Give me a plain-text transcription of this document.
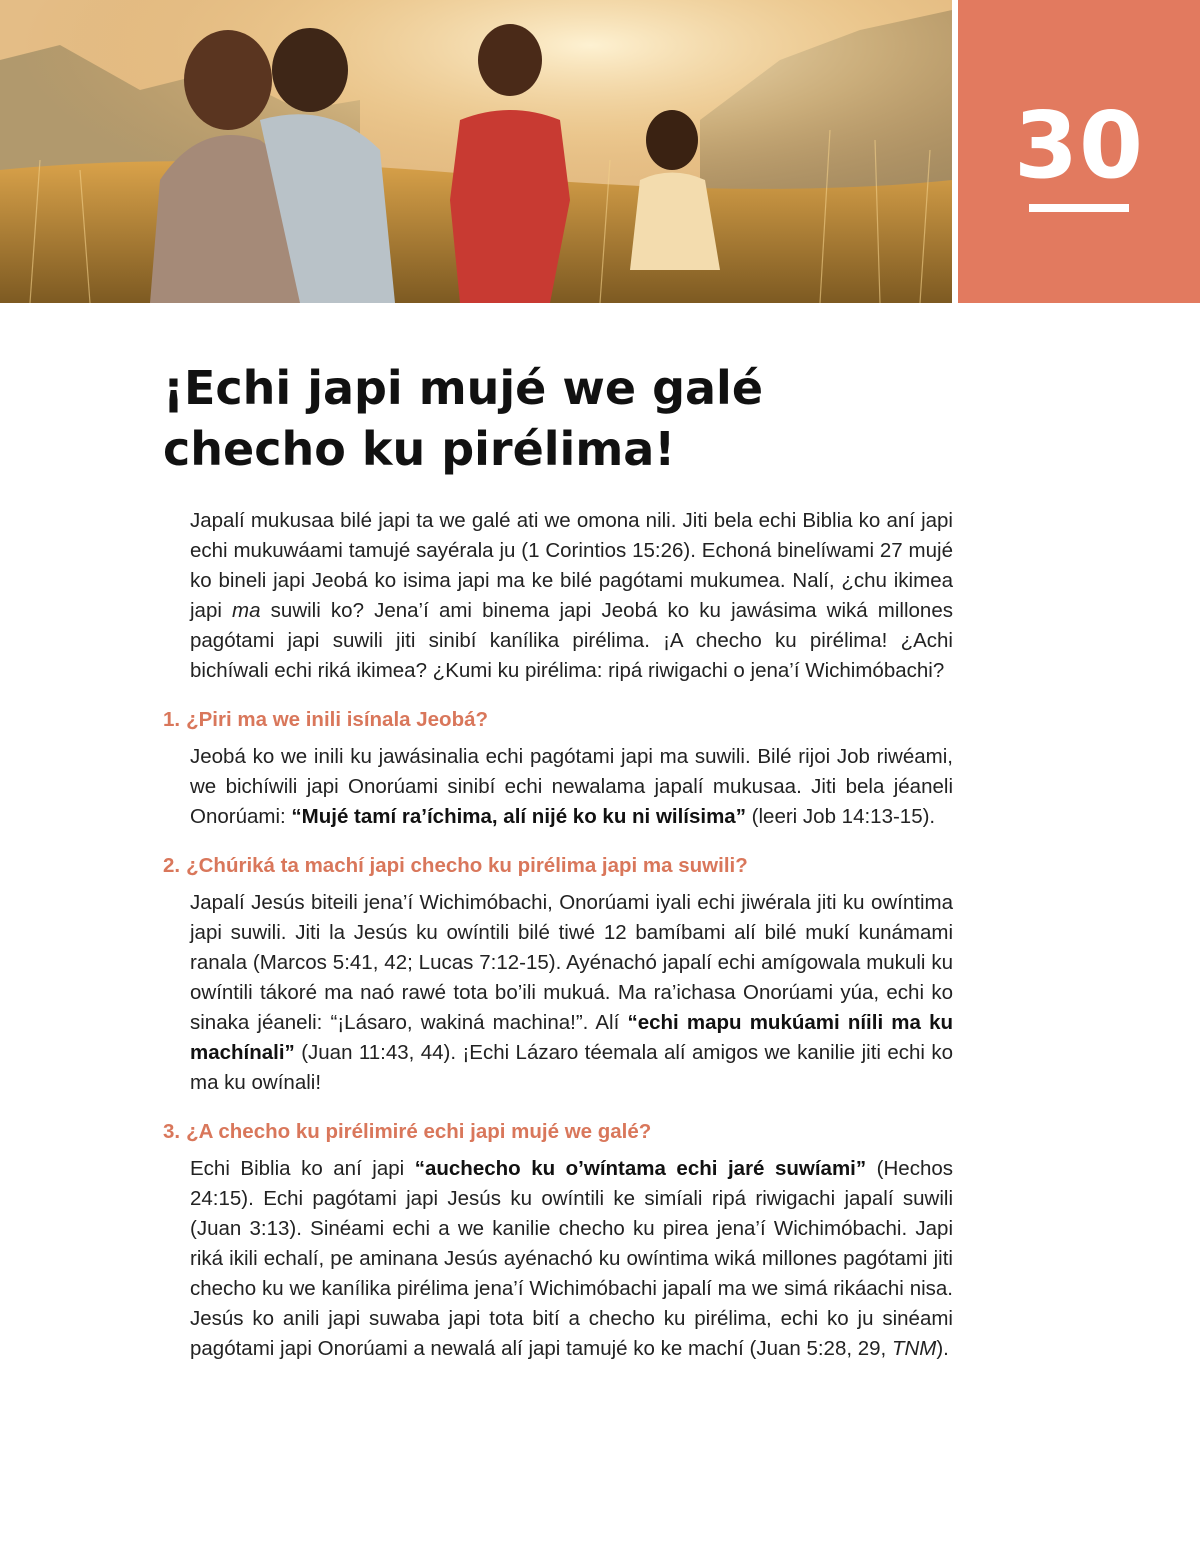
30
¡Echi japi mujé we galé checho ku pirélima!

Japalí mukusaa bilé japi ta we galé ati we omona nili. Jiti bela echi Biblia ko aní japi echi mukuwáami tamujé sayérala ju (1 Corintios 15:26). Echoná binelíwami 27 mujé ko bineli japi Jeobá ko isima japi ma ke bilé pagótami mukumea. Nalí, ¿chu ikimea japi ma suwili ko? Jena’í ami binema japi Jeobá ko ku jawásima wiká millones pagótami japi suwili jiti sinibí kanílika pirélima. ¡A checho ku pirélima! ¿Achi bichíwali echi riká ikimea? ¿Kumi ku pirélima: ripá riwigachi o jena’í Wichimóbachi?

1. ¿Piri ma we inili isínala Jeobá?

Jeobá ko we inili ku jawásinalia echi pagótami japi ma suwili. Bilé rijoi Job riwéami, we bichíwili japi Onorúami sinibí echi newalama japalí mukusaa. Jiti bela jéaneli Onorúami: “Mujé tamí ra’íchima, alí nijé ko ku ni wilísima” (leeri Job 14:13-15).

2. ¿Chúriká ta machí japi checho ku pirélima japi ma suwili?

Japalí Jesús biteili jena’í Wichimóbachi, Onorúami iyali echi jiwérala jiti ku owíntima japi suwili. Jiti la Jesús ku owíntili bilé tiwé 12 bamíbami alí bilé mukí kunámami ranala (Marcos 5:41, 42; Lucas 7:12-15). Ayénachó japalí echi amígowala mukuli ku owíntili tákoré ma naó rawé tota bo’ili mukuá. Ma ra’ichasa Onorúami yúa, echi ko sinaka jéaneli: “¡Lásaro, wakiná machina!”. Alí “echi mapu mukúami níili ma ku machínali” (Juan 11:43, 44). ¡Echi Lázaro téemala alí amigos we kanilie jiti echi ko ma ku owínali!

3. ¿A checho ku pirélimiré echi japi mujé we galé?

Echi Biblia ko aní japi “auchecho ku o’wíntama echi jaré suwíami” (Hechos 24:15). Echi pagótami japi Jesús ku owíntili ke simíali ripá riwigachi japalí suwili (Juan 3:13). Sinéami echi a we kanilie checho ku pirea jena’í Wichimóbachi. Japi riká ikili echalí, pe aminana Jesús ayénachó ku owíntima wiká millones pagótami jiti checho ku we kanílika pirélima jena’í Wichimóbachi japalí ma we simá rikáachi nisa. Jesús ko anili japi suwaba japi tota bití a checho ku pirélima, echi ko ju sinéami pagótami japi Onorúami a newalá alí japi tamujé ko ke machí (Juan 5:28, 29, TNM).
